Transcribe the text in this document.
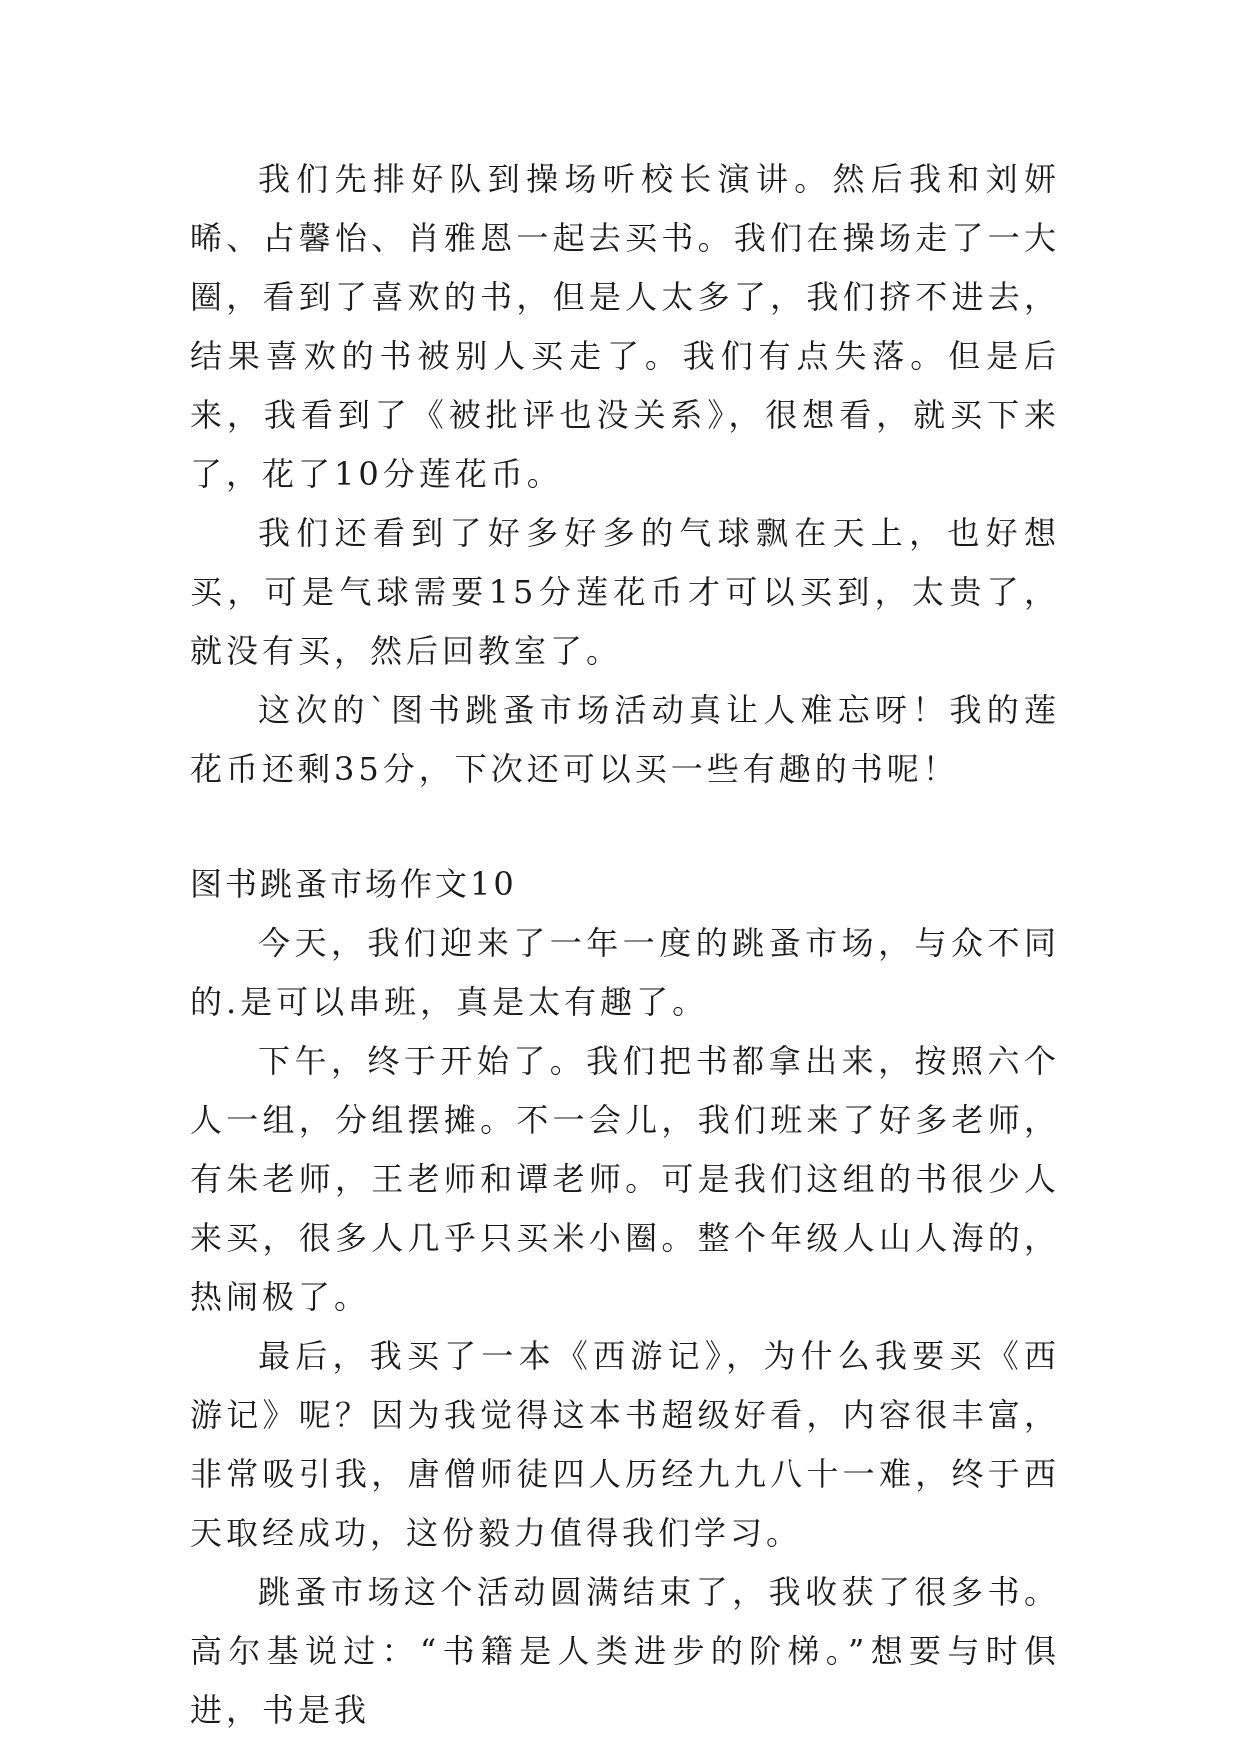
我们先排好队到操场听校长演讲。然后我和刘妍晞、占馨怡、肖雅恩一起去买书。我们在操场走了一大圈，看到了喜欢的书，但是人太多了，我们挤不进去，结果喜欢的书被别人买走了。我们有点失落。但是后来，我看到了《被批评也没关系》，很想看，就买下来了，花了10分莲花币。

我们还看到了好多好多的气球飘在天上，也好想买，可是气球需要15分莲花币才可以买到，太贵了，就没有买，然后回教室了。

这次的`图书跳蚤市场活动真让人难忘呀！我的莲花币还剩35分，下次还可以买一些有趣的书呢！

图书跳蚤市场作文10

今天，我们迎来了一年一度的跳蚤市场，与众不同的.是可以串班，真是太有趣了。

下午，终于开始了。我们把书都拿出来，按照六个人一组，分组摆摊。不一会儿，我们班来了好多老师，有朱老师，王老师和谭老师。可是我们这组的书很少人来买，很多人几乎只买米小圈。整个年级人山人海的，热闹极了。

最后，我买了一本《西游记》，为什么我要买《西游记》呢？因为我觉得这本书超级好看，内容很丰富，非常吸引我，唐僧师徒四人历经九九八十一难，终于西天取经成功，这份毅力值得我们学习。

跳蚤市场这个活动圆满结束了，我收获了很多书。高尔基说过：“书籍是人类进步的阶梯。”想要与时俱进，书是我
